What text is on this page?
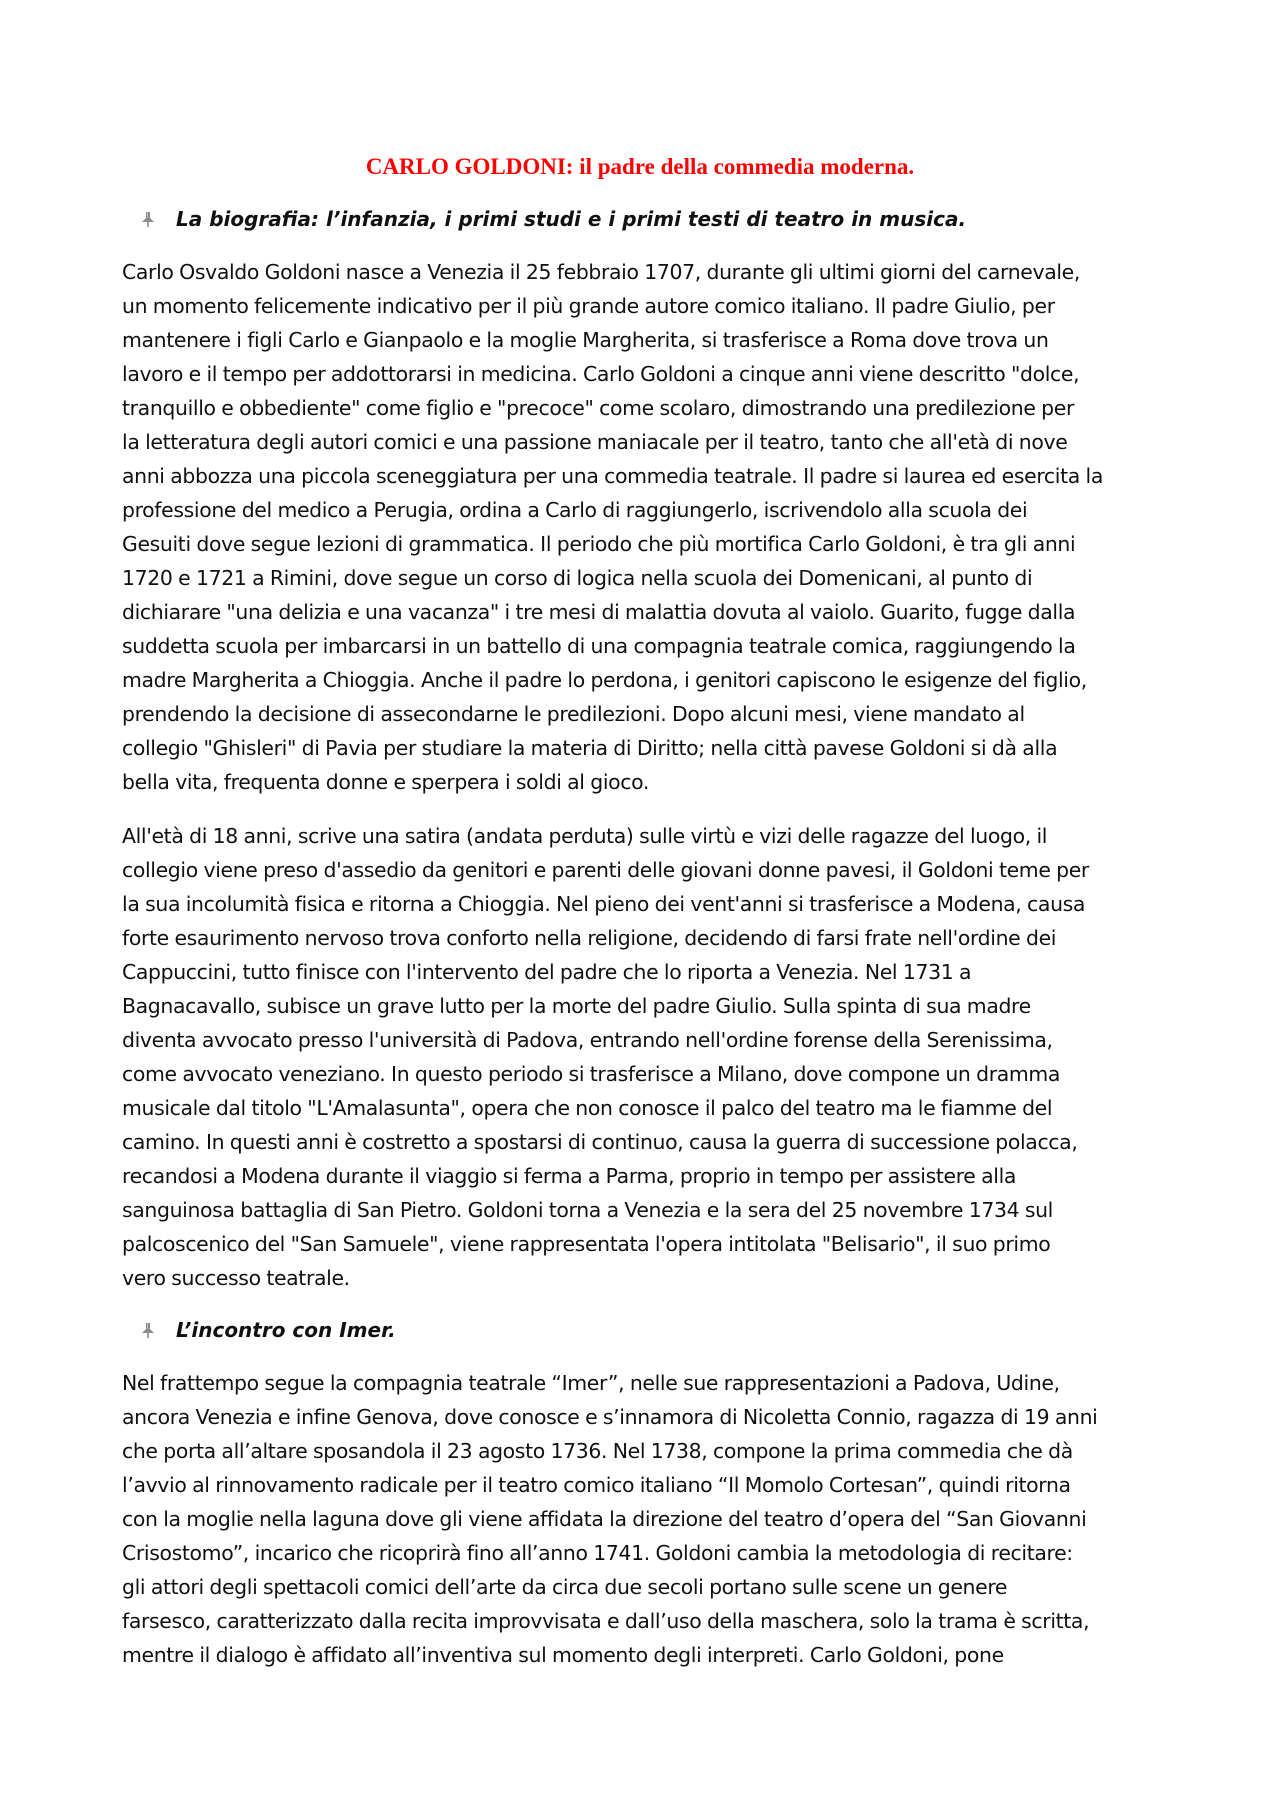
CARLO GOLDONI: il padre della commedia moderna.
La biografia: l’infanzia, i primi studi e i primi testi di teatro in musica.
Carlo Osvaldo Goldoni nasce a Venezia il 25 febbraio 1707, durante gli ultimi giorni del carnevale,
un momento felicemente indicativo per il più grande autore comico italiano. Il padre Giulio, per
mantenere i figli Carlo e Gianpaolo e la moglie Margherita, si trasferisce a Roma dove trova un
lavoro e il tempo per addottorarsi in medicina. Carlo Goldoni a cinque anni viene descritto "dolce,
tranquillo e obbediente" come figlio e "precoce" come scolaro, dimostrando una predilezione per
la letteratura degli autori comici e una passione maniacale per il teatro, tanto che all'età di nove
anni abbozza una piccola sceneggiatura per una commedia teatrale. Il padre si laurea ed esercita la
professione del medico a Perugia, ordina a Carlo di raggiungerlo, iscrivendolo alla scuola dei
Gesuiti dove segue lezioni di grammatica. Il periodo che più mortifica Carlo Goldoni, è tra gli anni
1720 e 1721 a Rimini, dove segue un corso di logica nella scuola dei Domenicani, al punto di
dichiarare "una delizia e una vacanza" i tre mesi di malattia dovuta al vaiolo. Guarito, fugge dalla
suddetta scuola per imbarcarsi in un battello di una compagnia teatrale comica, raggiungendo la
madre Margherita a Chioggia. Anche il padre lo perdona, i genitori capiscono le esigenze del figlio,
prendendo la decisione di assecondarne le predilezioni. Dopo alcuni mesi, viene mandato al
collegio "Ghisleri" di Pavia per studiare la materia di Diritto; nella città pavese Goldoni si dà alla
bella vita, frequenta donne e sperpera i soldi al gioco.
All'età di 18 anni, scrive una satira (andata perduta) sulle virtù e vizi delle ragazze del luogo, il
collegio viene preso d'assedio da genitori e parenti delle giovani donne pavesi, il Goldoni teme per
la sua incolumità fisica e ritorna a Chioggia. Nel pieno dei vent'anni si trasferisce a Modena, causa
forte esaurimento nervoso trova conforto nella religione, decidendo di farsi frate nell'ordine dei
Cappuccini, tutto finisce con l'intervento del padre che lo riporta a Venezia. Nel 1731 a
Bagnacavallo, subisce un grave lutto per la morte del padre Giulio. Sulla spinta di sua madre
diventa avvocato presso l'università di Padova, entrando nell'ordine forense della Serenissima,
come avvocato veneziano. In questo periodo si trasferisce a Milano, dove compone un dramma
musicale dal titolo "L'Amalasunta", opera che non conosce il palco del teatro ma le fiamme del
camino. In questi anni è costretto a spostarsi di continuo, causa la guerra di successione polacca,
recandosi a Modena durante il viaggio si ferma a Parma, proprio in tempo per assistere alla
sanguinosa battaglia di San Pietro. Goldoni torna a Venezia e la sera del 25 novembre 1734 sul
palcoscenico del "San Samuele", viene rappresentata l'opera intitolata "Belisario", il suo primo
vero successo teatrale.
L’incontro con Imer.
Nel frattempo segue la compagnia teatrale “Imer”, nelle sue rappresentazioni a Padova, Udine,
ancora Venezia e infine Genova, dove conosce e s’innamora di Nicoletta Connio, ragazza di 19 anni
che porta all’altare sposandola il 23 agosto 1736. Nel 1738, compone la prima commedia che dà
l’avvio al rinnovamento radicale per il teatro comico italiano “Il Momolo Cortesan”, quindi ritorna
con la moglie nella laguna dove gli viene affidata la direzione del teatro d’opera del “San Giovanni
Crisostomo”, incarico che ricoprirà fino all’anno 1741. Goldoni cambia la metodologia di recitare:
gli attori degli spettacoli comici dell’arte da circa due secoli portano sulle scene un genere
farsesco, caratterizzato dalla recita improvvisata e dall’uso della maschera, solo la trama è scritta,
mentre il dialogo è affidato all’inventiva sul momento degli interpreti. Carlo Goldoni, pone
